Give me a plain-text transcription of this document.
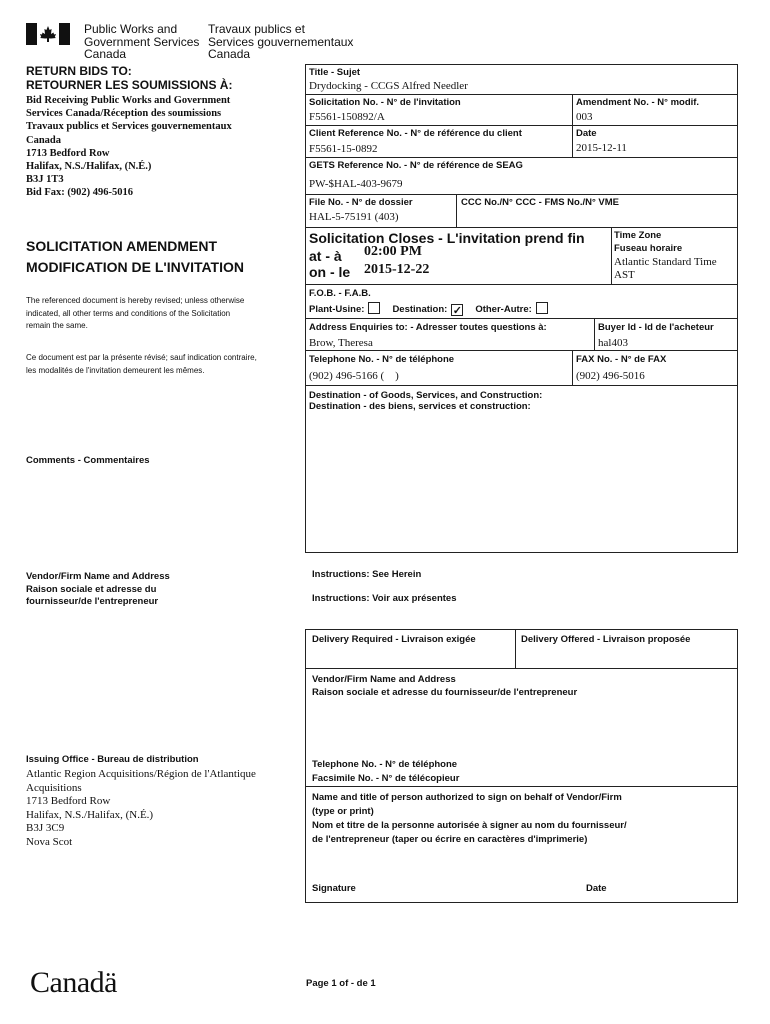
Public Works and
Government Services
Canada
Travaux publics et
Services gouvernementaux
Canada
RETURN BIDS TO:
RETOURNER LES SOUMISSIONS À:
Bid Receiving Public Works and Government
Services Canada/Réception des soumissions
Travaux publics et Services gouvernementaux
Canada
1713 Bedford Row
Halifax, N.S./Halifax, (N.É.)
B3J 1T3
Bid Fax: (902) 496-5016
SOLICITATION AMENDMENT
MODIFICATION DE L'INVITATION
The referenced document is hereby revised; unless otherwise
indicated, all other terms and conditions of the Solicitation
remain the same.
Ce document est par la présente révisé; sauf indication contraire,
les modalités de l'invitation demeurent les mêmes.
Comments - Commentaires
Vendor/Firm Name and Address
Raison sociale et adresse du
fournisseur/de l'entrepreneur
Issuing Office - Bureau de distribution
Atlantic Region Acquisitions/Région de l'Atlantique
Acquisitions
1713 Bedford Row
Halifax, N.S./Halifax, (N.É.)
B3J 3C9
Nova Scot
Title - Sujet
Drydocking - CCGS Alfred Needler
Solicitation No. - N° de l'invitation
F5561-150892/A
Amendment No. - N° modif.
003
Client Reference No. - N° de référence du client
F5561-15-0892
Date
2015-12-11
GETS Reference No. - N° de référence de SEAG
PW-$HAL-403-9679
File No. - N° de dossier
HAL-5-75191 (403)
CCC No./N° CCC - FMS No./N° VME
Solicitation Closes - L'invitation prend fin
at - à 02:00 PM
on - le 2015-12-22
Time Zone
Fuseau horaire
Atlantic Standard Time
AST
F.O.B. - F.A.B.
Plant-Usine:	Destination: ✓ Other-Autre:
Address Enquiries to: - Adresser toutes questions à:
Brow, Theresa
Buyer Id - Id de l'acheteur
hal403
Telephone No. - N° de téléphone
(902) 496-5166 (    )
FAX No. - N° de FAX
(902) 496-5016
Destination - of Goods, Services, and Construction:
Destination - des biens, services et construction:
Instructions: See Herein
Instructions: Voir aux présentes
Delivery Required - Livraison exigée	Delivery Offered - Livraison proposée
Vendor/Firm Name and Address
Raison sociale et adresse du fournisseur/de l'entrepreneur
Telephone No. - N° de téléphone
Facsimile No. - N° de télécopieur
Name and title of person authorized to sign on behalf of Vendor/Firm
(type or print)
Nom et titre de la personne autorisée à signer au nom du fournisseur/
de l'entrepreneur (taper ou écrire en caractères d'imprimerie)
Signature	Date
Canadä	Page 1 of - de 1
